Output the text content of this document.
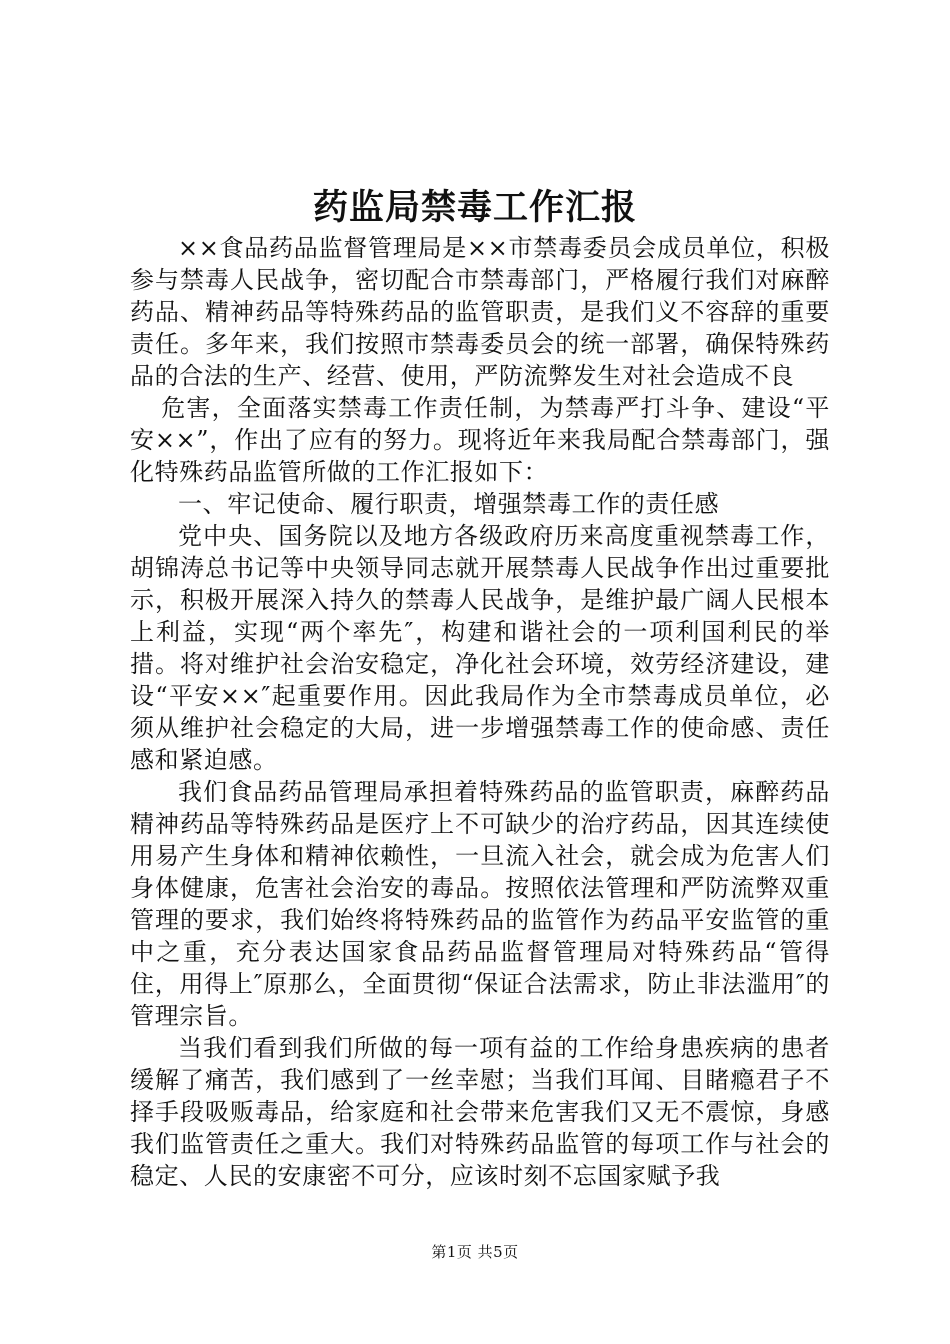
药监局禁毒工作汇报

××食品药品监督管理局是××市禁毒委员会成员单位，积极参与禁毒人民战争，密切配合市禁毒部门，严格履行我们对麻醉药品、精神药品等特殊药品的监管职责，是我们义不容辞的重要责任。多年来，我们按照市禁毒委员会的统一部署，确保特殊药品的合法的生产、经营、使用，严防流弊发生对社会造成不良

危害，全面落实禁毒工作责任制，为禁毒严打斗争、建设“平安××”，作出了应有的努力。现将近年来我局配合禁毒部门，强化特殊药品监管所做的工作汇报如下：

一、牢记使命、履行职责，增强禁毒工作的责任感

党中央、国务院以及地方各级政府历来高度重视禁毒工作，胡锦涛总书记等中央领导同志就开展禁毒人民战争作出过重要批示，积极开展深入持久的禁毒人民战争，是维护最广阔人民根本上利益，实现“两个率先″，构建和谐社会的一项利国利民的举措。将对维护社会治安稳定，净化社会环境，效劳经济建设，建设“平安××″起重要作用。因此我局作为全市禁毒成员单位，必须从维护社会稳定的大局，进一步增强禁毒工作的使命感、责任感和紧迫感。

我们食品药品管理局承担着特殊药品的监管职责，麻醉药品精神药品等特殊药品是医疗上不可缺少的治疗药品，因其连续使用易产生身体和精神依赖性，一旦流入社会，就会成为危害人们身体健康，危害社会治安的毒品。按照依法管理和严防流弊双重管理的要求，我们始终将特殊药品的监管作为药品平安监管的重中之重，充分表达国家食品药品监督管理局对特殊药品“管得住，用得上″原那么，全面贯彻“保证合法需求，防止非法滥用″的管理宗旨。

当我们看到我们所做的每一项有益的工作给身患疾病的患者缓解了痛苦，我们感到了一丝幸慰；当我们耳闻、目睹瘾君子不择手段吸贩毒品，给家庭和社会带来危害我们又无不震惊，身感我们监管责任之重大。我们对特殊药品监管的每项工作与社会的稳定、人民的安康密不可分，应该时刻不忘国家赋予我

第1页 共5页
